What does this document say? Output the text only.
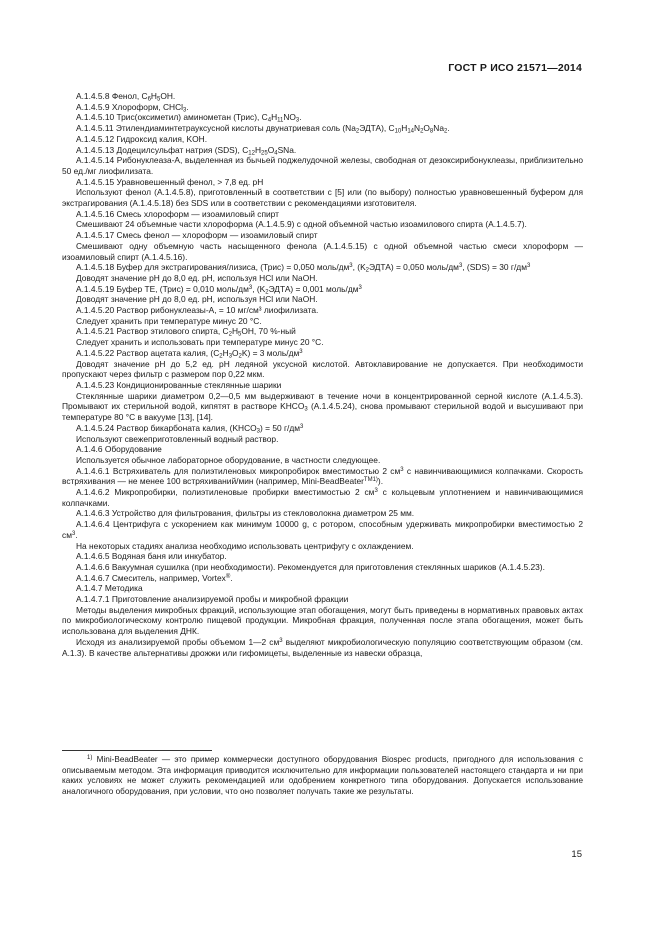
ГОСТ Р ИСО 21571—2014

A.1.4.5.8 Фенол, $C_6H_5OH$.

A.1.4.5.9 Хлороформ, CHCl$_3$.

A.1.4.5.10 Трис(оксиметил) аминометан (Трис), $C_4H_{11}NO_3$.

A.1.4.5.11 Этилендиаминтетрауксусной кислоты двунатриевая соль $(Na_2ЭДТА)$, $C_{10}H_{14}N_2O_8Na_2$.

A.1.4.5.12 Гидроксид калия, KOH.

A.1.4.5.13 Додецилсульфат натрия (SDS), $C_{12}H_{25}O_4SNa$.

A.1.4.5.14 Рибонуклеаза-A, выделенная из бычьей поджелудочной железы, свободная от дезоксирибонуклеазы, приблизительно 50 ед./мг лиофилизата.

A.1.4.5.15 Уравновешенный фенол, > 7,8 ед. pH

Используют фенол (A.1.4.5.8), приготовленный в соответствии с [5] или (по выбору) полностью уравновешенный буфером для экстрагирования (A.1.4.5.18) без SDS или в соответствии с рекомендациями изготовителя.

A.1.4.5.16 Смесь хлороформ — изоамиловый спирт

Смешивают 24 объемные части хлороформа (A.1.4.5.9) с одной объемной частью изоамилового спирта (A.1.4.5.7).

A.1.4.5.17 Смесь фенол — хлороформ — изоамиловый спирт

Смешивают одну объемную часть насыщенного фенола (A.1.4.5.15) с одной объемной частью смеси хлороформ — изоамиловый спирт (A.1.4.5.16).

A.1.4.5.18 Буфер для экстрагирования/лизиса, (Трис) = 0,050 моль/$дм^3$, $(K_2ЭДТА) = 0,050$ моль/$дм^3$, (SDS) = 30 $г/дм^3$

Доводят значение pH до 8,0 ед. pH, используя HCl или NaOH.

A.1.4.5.19 Буфер TE, (Трис) = 0,010 моль/$дм^3$, $(K_2ЭДТА) = 0,001$ моль/$дм^3$

Доводят значение pH до 8,0 ед. pH, используя HCl или NaOH.

A.1.4.5.20 Раствор рибонуклеазы-A, = 10 мг/см³ лиофилизата.

Следует хранить при температуре минус 20 °C.

A.1.4.5.21 Раствор этилового спирта, $C_2H_5OH$, 70 %-ный

Следует хранить и использовать при температуре минус 20 °C.

A.1.4.5.22 Раствор ацетата калия, $(C_2H_3O_2K) = 3$ моль/$дм^3$

Доводят значение pH до 5,2 ед. pH ледяной уксусной кислотой. Автоклавирование не допускается. При необходимости пропускают через фильтр с размером пор 0,22 мкм.

A.1.4.5.23 Кондиционированные стеклянные шарики

Стеклянные шарики диаметром 0,2—0,5 мм выдерживают в течение ночи в концентрированной серной кислоте (A.1.4.5.3). Промывают их стерильной водой, кипятят в растворе $KHCO_3$ (A.1.4.5.24), снова промывают стерильной водой и высушивают при температуре 80 °C в вакууме [13], [14].

A.1.4.5.24 Раствор бикарбоната калия, $(KHCO_3) = 50$ $г/дм^3$

Используют свежеприготовленный водный раствор.

A.1.4.6 Оборудование

Используется обычное лабораторное оборудование, в частности следующее.

A.1.4.6.1 Встряхиватель для полиэтиленовых микропробирок вместимостью 2 $см^3$ с навинчивающимися колпачками. Скорость встряхивания — не менее 100 встряхиваний/мин (например, Mini-BeadBeater$^{TM1)}$).

A.1.4.6.2 Микропробирки, полиэтиленовые пробирки вместимостью 2 $см^3$ с кольцевым уплотнением и навинчивающимися колпачками.

A.1.4.6.3 Устройство для фильтрования, фильтры из стекловолокна диаметром 25 мм.

A.1.4.6.4 Центрифуга с ускорением как минимум 10000 g, с ротором, способным удерживать микропробирки вместимостью 2 $см^3$.

На некоторых стадиях анализа необходимо использовать центрифугу с охлаждением.

A.1.4.6.5 Водяная баня или инкубатор.

A.1.4.6.6 Вакуумная сушилка (при необходимости). Рекомендуется для приготовления стеклянных шариков (A.1.4.5.23).

A.1.4.6.7 Смеситель, например, Vortex®.

A.1.4.7 Методика

A.1.4.7.1 Приготовление анализируемой пробы и микробной фракции

Методы выделения микробных фракций, использующие этап обогащения, могут быть приведены в нормативных правовых актах по микробиологическому контролю пищевой продукции. Микробная фракция, полученная после этапа обогащения, может быть использована для выделения ДНК.

Исходя из анализируемой пробы объемом 1—2 $см^3$ выделяют микробиологическую популяцию соответствующим образом (см. A.1.3). В качестве альтернативы дрожжи или гифомицеты, выделенные из навески образца,

$^{1)}$ Mini-BeadBeater — это пример коммерчески доступного оборудования Biospec products, пригодного для использования с описываемым методом. Эта информация приводится исключительно для информации пользователей настоящего стандарта и ни при каких условиях не может служить рекомендацией или одобрением конкретного типа оборудования. Допускается использование аналогичного оборудования, при условии, что оно позволяет получать такие же результаты.

15
